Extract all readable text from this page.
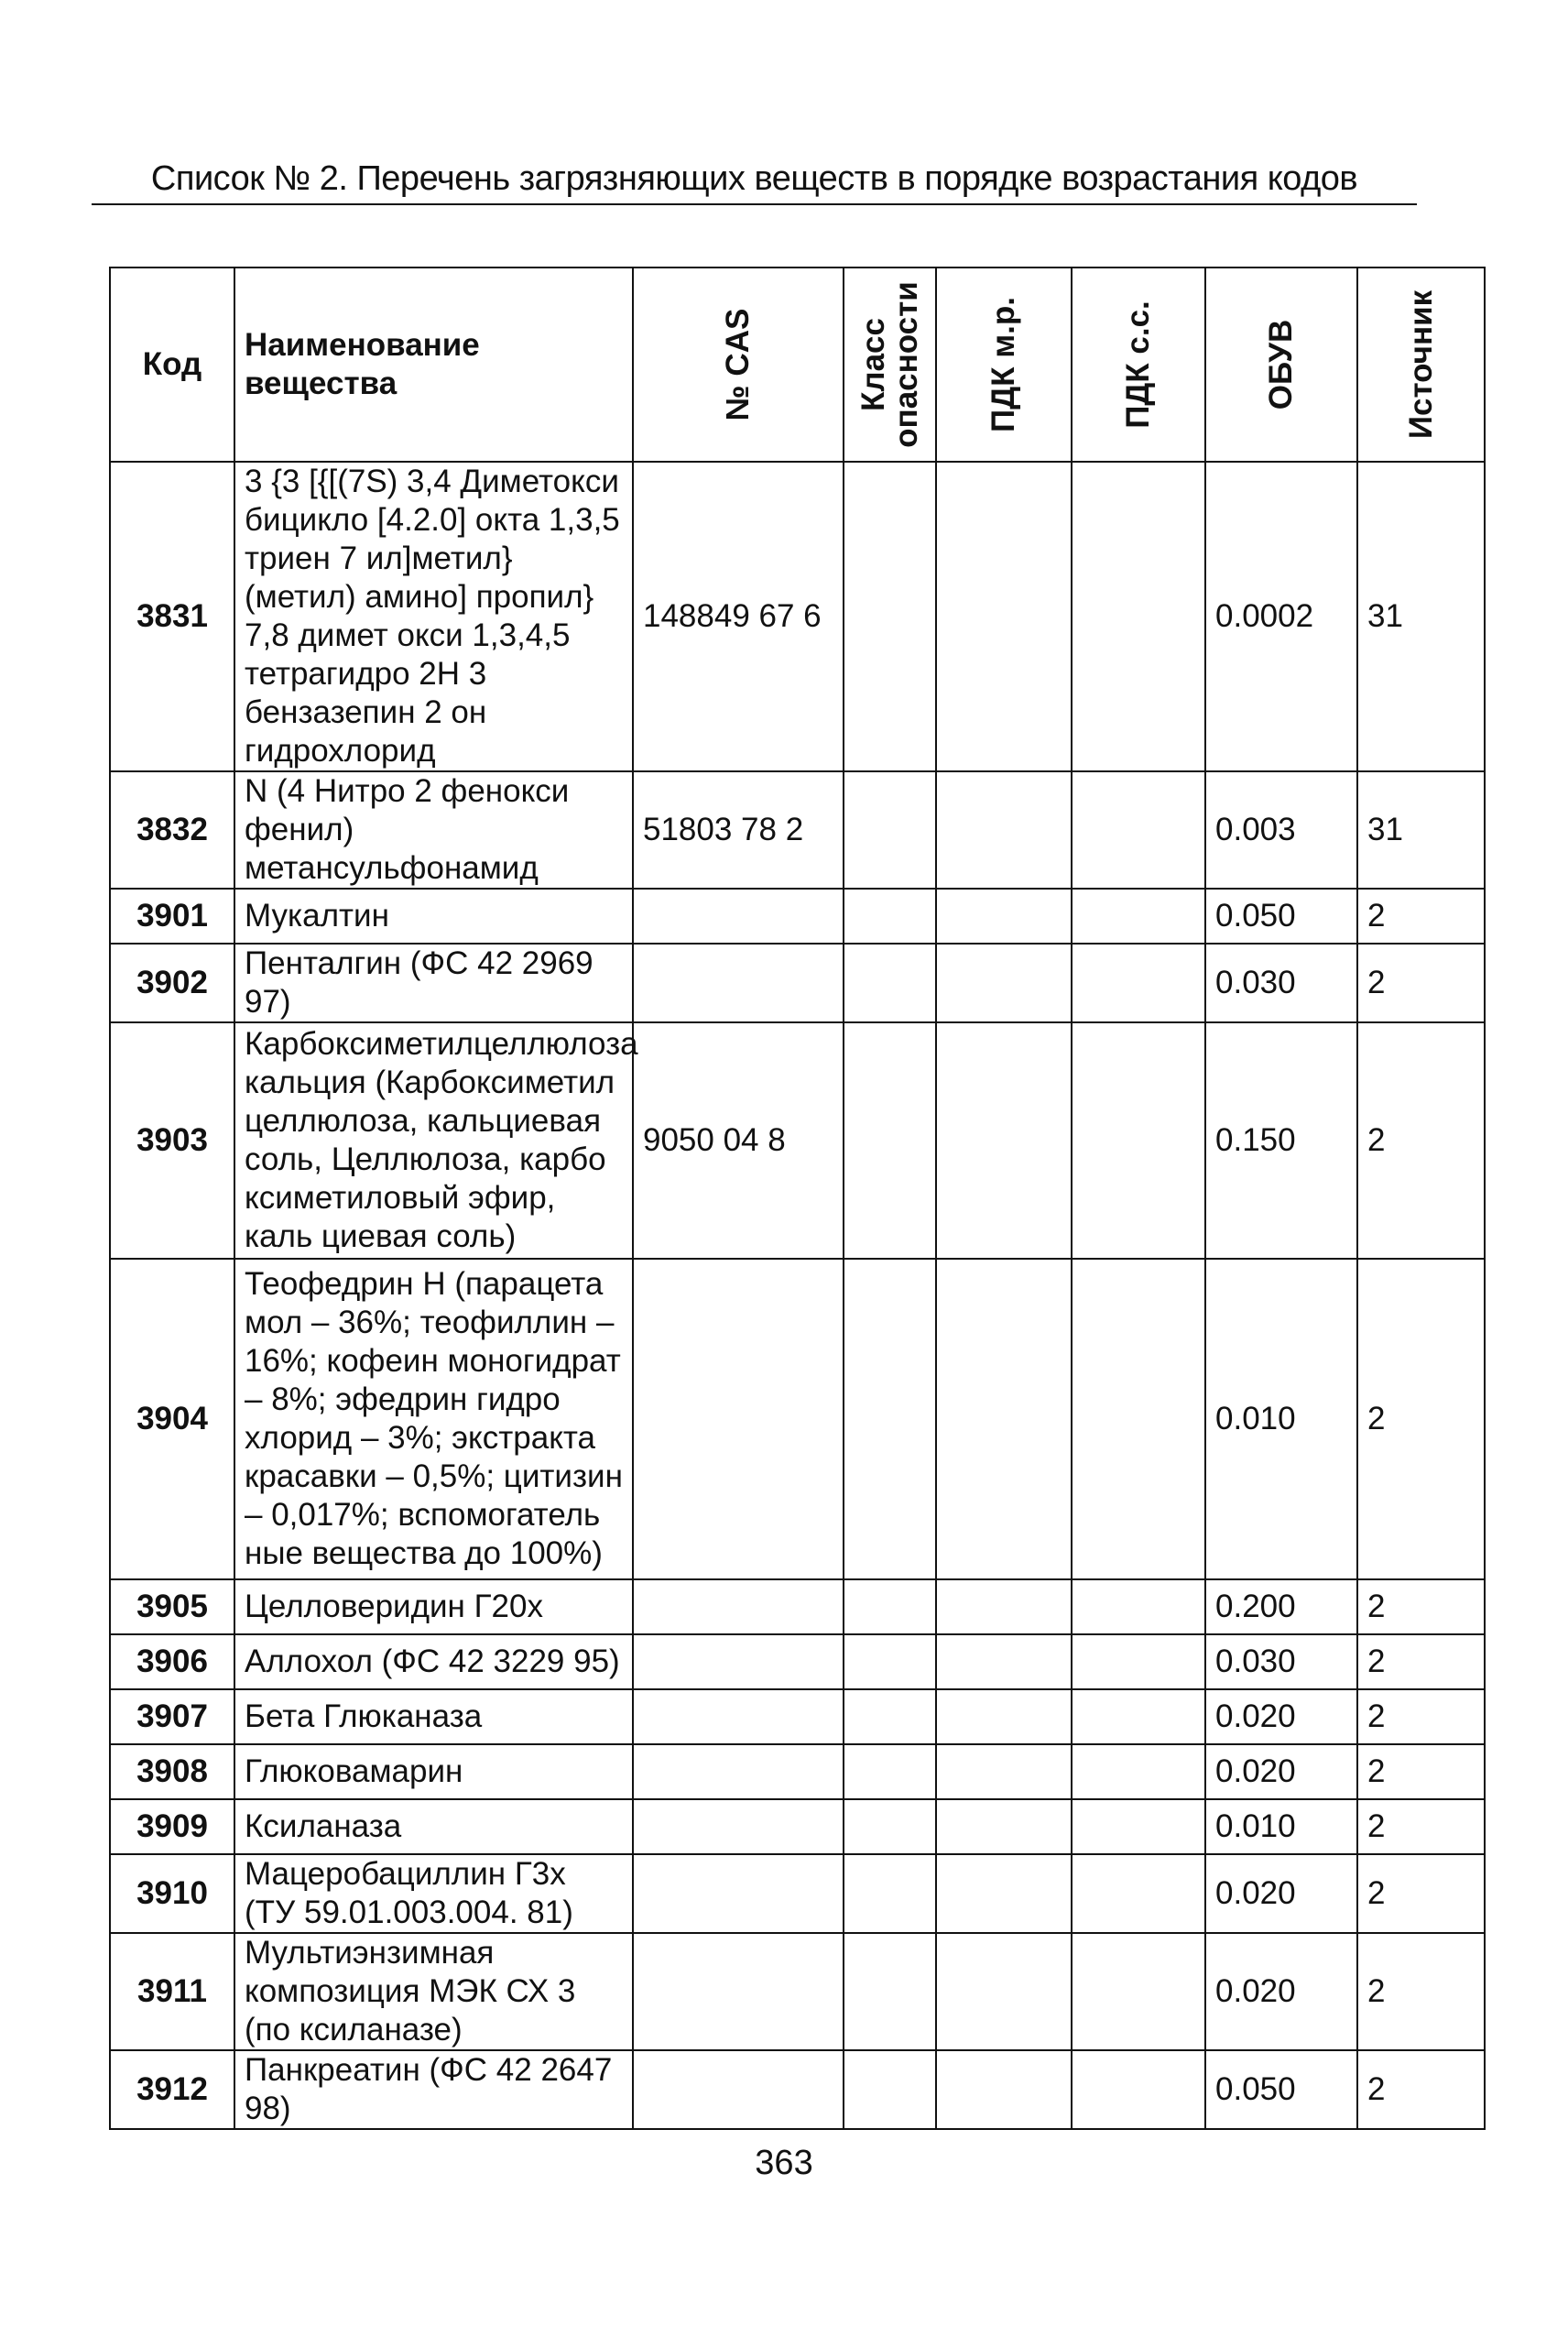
Список № 2. Перечень загрязняющих веществ в порядке возрастания кодов
Код	Наименование вещества	№ CAS	Класс опасности	ПДК м.р.	ПДК с.с.	ОБУВ	Источник

3831	3 {3 [{[(7S) 3,4 Диметокси бицикло [4.2.0] окта 1,3,5 триен 7 ил]метил} (метил) амино] пропил} 7,8 димет окси 1,3,4,5 тетрагидро 2Н 3 бензазепин 2 он гидрохлорид	148849 67 6				0.0002	31
3832	N (4 Нитро 2 фенокси фенил) метансульфонамид	51803 78 2				0.003	31
3901	Мукалтин					0.050	2
3902	Пенталгин (ФС 42 2969 97)					0.030	2
3903	Карбоксиметилцеллюлоза кальция (Карбоксиметил целлюлоза, кальциевая соль, Целлюлоза, карбо ксиметиловый эфир, каль циевая соль)	9050 04 8				0.150	2
3904	Теофедрин Н (парацета мол – 36%; теофиллин – 16%; кофеин моногидрат – 8%; эфедрин гидро хлорид – 3%; экстракта красавки – 0,5%; цитизин – 0,017%; вспомогатель ные вещества до 100%)					0.010	2
3905	Целловеридин Г20х					0.200	2
3906	Аллохол (ФС 42 3229 95)					0.030	2
3907	Бета Глюканаза					0.020	2
3908	Глюковамарин					0.020	2
3909	Ксиланаза					0.010	2
3910	Мацеробациллин Г3х (ТУ 59.01.003.004. 81)					0.020	2
3911	Мультиэнзимная композиция МЭК СХ 3 (по ксиланазе)					0.020	2
3912	Панкреатин (ФС 42 2647 98)					0.050	2
363
